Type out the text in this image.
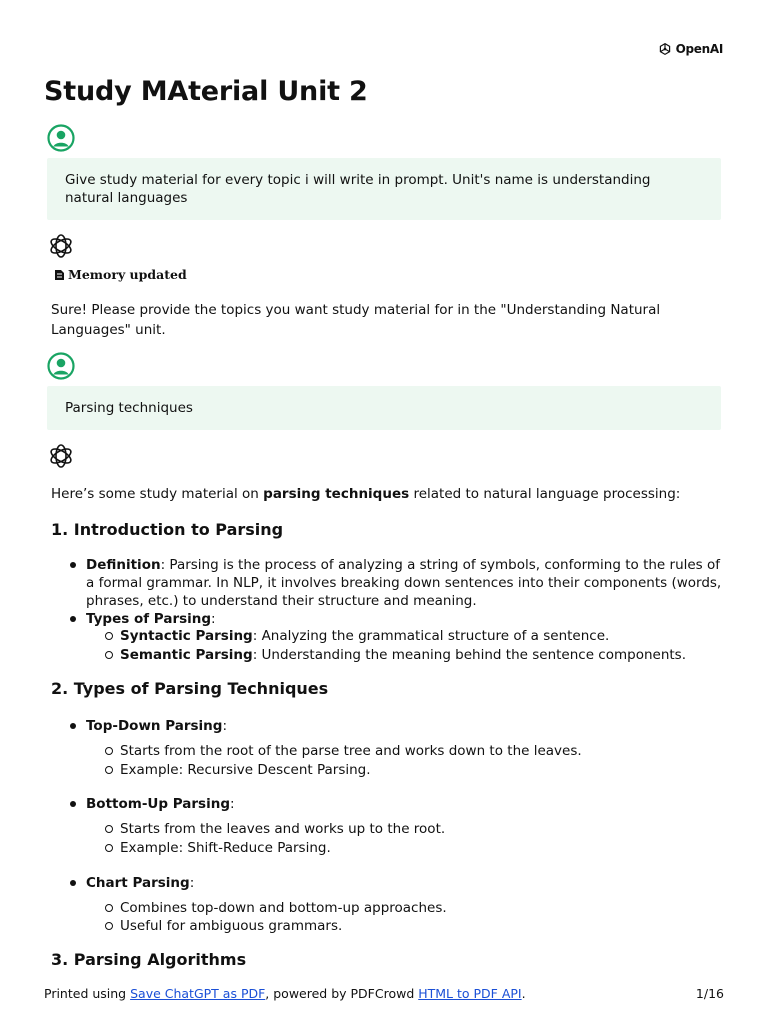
OpenAI
Study MAterial Unit 2
Give study material for every topic i will write in prompt. Unit's name is understanding natural languages
Memory updated

Sure! Please provide the topics you want study material for in the "Understanding Natural Languages" unit.

Parsing techniques

Here’s some study material on parsing techniques related to natural language processing:

1. Introduction to Parsing
Definition: Parsing is the process of analyzing a string of symbols, conforming to the rules of a formal grammar. In NLP, it involves breaking down sentences into their components (words, phrases, etc.) to understand their structure and meaning.
Types of Parsing:
Syntactic Parsing: Analyzing the grammatical structure of a sentence.
Semantic Parsing: Understanding the meaning behind the sentence components.
2. Types of Parsing Techniques
Top-Down Parsing:
Starts from the root of the parse tree and works down to the leaves.
Example: Recursive Descent Parsing.
Bottom-Up Parsing:
Starts from the leaves and works up to the root.
Example: Shift-Reduce Parsing.
Chart Parsing:
Combines top-down and bottom-up approaches.
Useful for ambiguous grammars.
3. Parsing Algorithms
Printed using Save ChatGPT as PDF, powered by PDFCrowd HTML to PDF API.	1/16
